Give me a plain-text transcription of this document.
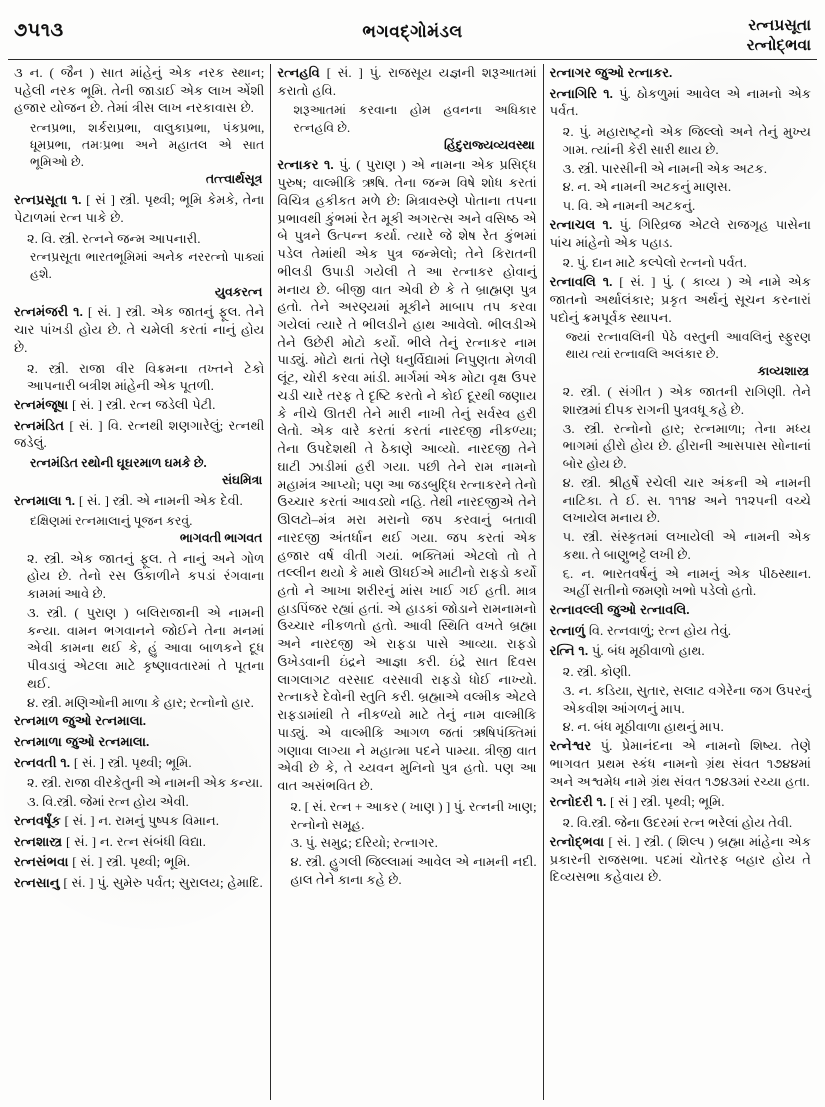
૭૫૧૩	ભગવદ્ગોમંડલ	રત્નપ્રસૂતા
રત્નોદ્ભવા
૩ ન. ( જૈન ) સાત માંહેનું એક નરક સ્થાન; પહેલી નરક ભૂમિ. તેની જાડાઈ એક લાખ એંશી હજાર યોજન છે. તેમાં ત્રીસ લાખ નરકાવાસ છે.
રત્નપ્રભા, શર્કરાપ્રભા, વાલુકાપ્રભા, પંકપ્રભા, ધૂમપ્રભા, તમઃપ્રભા અને મહાતલ એ સાત ભૂમિઓ છે.
તત્ત્વાર્થસૂત્ર
રત્નપ્રસૂતા ૧. [ સં ] સ્ત્રી. પૃથ્વી; ભૂમિ કેમકે, તેના પેટાળમાં રત્ન પાકે છે.
૨. વિ. સ્ત્રી. રત્નને જન્મ આપનારી.
રત્નપ્રસૂતા ભારતભૂમિમાં અનેક નરરત્નો પાક્યાં હશે.
યુવકરત્ન
રત્નમંજરી ૧. [ સં. ] સ્ત્રી. એક જાતનું ફૂલ. તેને ચાર પાંખડી હોય છે. તે ચમેલી કરતાં નાનું હોય છે.
૨. સ્ત્રી. રાજા વીર વિક્રમના તખ્તને ટેકો આપનારી બત્રીશ માંહેની એક પૂતળી.
રત્નમંજૂષા [ સં. ] સ્ત્રી. રત્ન જડેલી પેટી.
રત્નમંડિત [ સં. ] વિ. રત્નથી શણગારેલું; રત્નથી જડેલું.
રત્નમંડિત રથોની ઘૂઘરમાળ ઘમકે છે.
સંઘમિત્રા
રત્નમાલા ૧. [ સં. ] સ્ત્રી. એ નામની એક દેવી.
દક્ષિણમાં રત્નમાલાનું પૂજન કરવું.
ભાગવતી ભાગવત
૨. સ્ત્રી. એક જાતનું ફૂલ. તે નાનું અને ગોળ હોય છે. તેનો રસ ઉકાળીને કપડાં રંગવાના કામમાં આવે છે.
૩. સ્ત્રી. ( પુરાણ ) બલિરાજાની એ નામની કન્યા. વામન ભગવાનને જોઈને તેના મનમાં એવી કામના થઈ કે, હું આવા બાળકને દૂધ પીવડાવું એટલા માટે કૃષ્ણાવતારમાં તે પૂતના થઈ.
૪. સ્ત્રી. મણિઓની માળા કે હાર; રત્નોનો હાર.
રત્નમાળ જુઓ રત્નમાલા.
રત્નમાળા જુઓ રત્નમાલા.
રત્નવતી ૧. [ સં. ] સ્ત્રી. પૃથ્વી; ભૂમિ.
૨. સ્ત્રી. રાજા વીરકેતુની એ નામની એક કન્યા.
૩. વિ.સ્ત્રી. જેમાં રત્ન હોય એવી.
રત્નવર્ષૂંક [ સં. ] ન. રામનું પુષ્પક વિમાન.
રત્નશાસ્ત્ર [ સં. ] ન. રત્ન સંબંધી વિદ્યા.
રત્નસંભવા [ સં. ] સ્ત્રી. પૃથ્વી; ભૂમિ.
રત્નસાનુ [ સં. ] પું. સુમેરુ પર્વત; સુરાલય; હેમાદિ.
રત્નહવિ [ સં. ] પું. રાજસૂય યજ્ઞની શરૂઆતમાં કરાતો હવિ.
શરૂઆતમાં કરવાના હોમ હવનના અધિકાર રત્નહવિ છે.
હિંદુરાજ્યવ્યવસ્થા
રત્નાકર ૧. પું. ( પુરાણ ) એ નામના એક પ્રસિદ્ધ પુરુષ; વાલ્મીકિ ઋષિ. તેના જન્મ વિષે શોધ કરતાં વિચિત્ર હકીકત મળે છે: મિત્રાવરુણે પોતાના તપના પ્રભાવથી કુંભમાં રેત મૂકી અગરત્સ અને વસિષ્ઠ એ બે પુત્રને ઉત્પન્ન કર્યા. ત્યારે જે શેષ રેત કુંભમાં પડેલ તેમાંથી એક પુત્ર જન્મેલો; તેને કિરાતની ભીલડી ઉપાડી ગયેલી તે આ રત્નાકર હોવાનું મનાય છે. બીજી વાત એવી છે કે તે બ્રાહ્મણ પુત્ર હતો. તેને અરણ્યમાં મૂકીને માબાપ તપ કરવા ગયેલાં ત્યારે તે ભીલડીને હાથ આવેલો. ભીલડીએ તેને ઉછેરી મોટો કર્યો. ભીલે તેનું રત્નાકર નામ પાડ્યું. મોટો થતાં તેણે ધનુર્વિદ્યામાં નિપુણતા મેળવી લૂંટ, ચોરી કરવા માંડી. માર્ગમાં એક મોટા વૃક્ષ ઉપર ચડી ચારે તરફ તે દૃષ્ટિ કરતો ને કોઈ દૂરથી જણાય કે નીચે ઊતરી તેને મારી નાખી તેનું સર્વસ્વ હરી લેતો. એક વારે કરતાં કરતાં નારદજી નીકળ્યા; તેના ઉપદેશથી તે ઠેકાણે આવ્યો. નારદજી તેને ઘાટી ઝાડીમાં હરી ગયા. પછી તેને રામ નામનો મહામંત્ર આપ્યો; પણ આ જડબુદ્ધિ રત્નાકરને તેનો ઉચ્ચાર કરતાં આવડ્યો નહિ. તેથી નારદજીએ તેને ઊલટો–મંત્ર મરા મરાનો જપ કરવાનું બતાવી નારદજી અંતર્ધાન થઈ ગયા. જપ કરતાં એક હજાર વર્ષ વીતી ગયાં. ભક્તિમાં એટલો તો તે તલ્લીન થયો કે માથે ઊધઈએ માટીનો રાફડો કર્યો હતો ને આખા શરીરનું માંસ ખાઈ ગઈ હતી. માત્ર હાડપિંજર રહ્યાં હતાં. એ હાડકાં જોડાને રામનામનો ઉચ્ચાર નીકળતો હતો. આવી સ્થિતિ વખતે બ્રહ્મા અને નારદજી એ રાફડા પાસે આવ્યા. રાફડો ઉખેડવાની ઇંદ્રને આજ્ઞા કરી. ઇંદ્રે સાત દિવસ લાગલાગટ વરસાદ વરસાવી રાફડો ધોઈ નાખ્યો. રત્નાકરે દેવોની સ્તુતિ કરી. બ્રહ્માએ વલ્મીક એટલે રાફડામાંથી તે નીકળ્યો માટે તેનું નામ વાલ્મીકિ પાડ્યું. એ વાલ્મીકિ આગળ જતાં ઋષિપંક્તિમાં ગણાવા લાગ્યા ને મહાત્મા પદને પામ્યા. ત્રીજી વાત એવી છે કે, તે ચ્યવન મુનિનો પુત્ર હતો. પણ આ વાત અસંભવિત છે.
૨. [ સં. રત્ન + આકર ( ખાણ ) ] પું. રત્નની ખાણ; રત્નોનો સમૂહ.
૩. પું. સમુદ્ર; દરિયો; રત્નાગર.
૪. સ્ત્રી. હુગલી જિલ્લામાં આવેલ એ નામની નદી. હાલ તેને કાના કહે છે.
રત્નાગર જુઓ રત્નાકર.
રત્નાગિરિ ૧. પું. ઠોકળુમાં આવેલ એ નામનો એક પર્વત.
૨. પું. મહારાષ્ટ્રનો એક જિલ્લો અને તેનું મુખ્ય ગામ. ત્યાંની કેરી સારી થાય છે.
૩. સ્ત્રી. પારસીની એ નામની એક અટક.
૪. ન. એ નામની અટકનું માણસ.
૫. વિ. એ નામની અટકનું.
રત્નાચલ ૧. પું. ગિરિવ્રજ એટલે રાજગૃહ પાસેના પાંચ માંહેનો એક પહાડ.
૨. પું. દાન માટે કલ્પેલો રત્નનો પર્વત.
રત્નાવલિ ૧. [ સં. ] પું. ( કાવ્ય ) એ નામે એક જાતનો અર્થાલંકાર; પ્રકૃત અર્થનું સૂચન કરનારાં પદોનું ક્રમપૂર્વક સ્થાપન.
જ્યાં રત્નાવલિની પેઠે વસ્તુની આવલિનું સ્ફુરણ થાય ત્યાં રત્નાવલિ અલંકાર છે.
કાવ્યશાસ્ત્ર
૨. સ્ત્રી. ( સંગીત ) એક જાતની રાગિણી. તેને શાસ્ત્રમાં દીપક રાગની પુત્રવધૂ કહે છે.
૩. સ્ત્રી. રત્નોનો હાર; રત્નમાળા; તેના મધ્ય ભાગમાં હીરો હોય છે. હીરાની આસપાસ સોનાનાં બોર હોય છે.
૪. સ્ત્રી. શ્રીહર્ષે રચેલી ચાર અંકની એ નામની નાટિકા. તે ઈ. સ. ૧૧૧૪ અને ૧૧૨૫ની વચ્ચે લખાયેલ મનાય છે.
૫. સ્ત્રી. સંસ્કૃતમાં લખાયેલી એ નામની એક કથા. તે બાણુભટ્ટે લખી છે.
૬. ન. ભારતવર્ષનું એ નામનું એક પીઠસ્થાન. અહીં સતીનો જમણો ખભો પડેલો હતો.
રત્નાવલ્લી જુઓ રત્નાવલિ.
રત્નાળું વિ. રત્નવાળું; રત્ન હોય તેવું.
રત્નિ ૧. પું. બંધ મૂઠીવાળો હાથ.
૨. સ્ત્રી. કોણી.
૩. ન. કડિયા, સુતાર, સલાટ વગેરેના જગ ઉપરનું એકવીશ આંગળનું માપ.
૪. ન. બંધ મૂઠીવાળા હાથનું માપ.
રત્નેશ્વર પું. પ્રેમાનંદના એ નામનો શિષ્ય. તેણે ભાગવત પ્રથમ સ્કંધ નામનો ગ્રંથ સંવત ૧૭૪૪માં અને અશ્વમેધ નામે ગ્રંથ સંવત ૧૭૪૩માં રચ્યા હતા.
રત્નોદરી ૧. [ સં ] સ્ત્રી. પૃથ્વી; ભૂમિ.
૨. વિ.સ્ત્રી. જેના ઉદરમાં રત્ન ભરેલાં હોય તેવી.
રત્નોદ્ભવા [ સં. ] સ્ત્રી. ( શિલ્પ ) બ્રહ્મા માંહેના એક પ્રકારની રાજસભા. પદમાં ચોતરફ બહાર હોય તે દિવ્યસભા કહેવાય છે.
